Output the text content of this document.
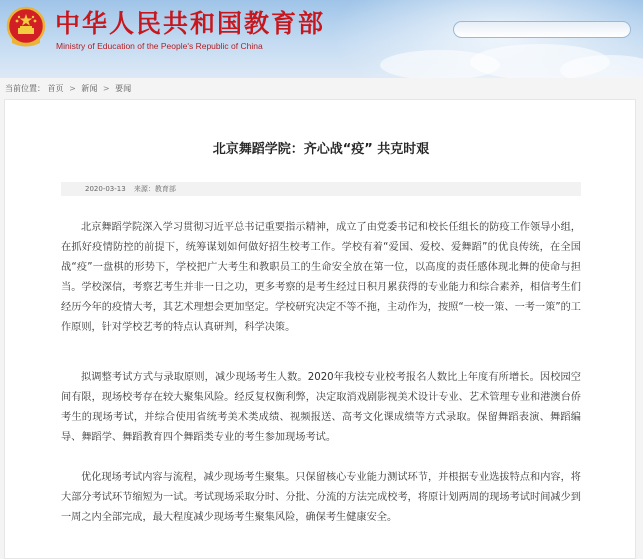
中华人民共和国教育部
Ministry of Education of the People's Republic of China
当前位置： 首页 > 新闻 > 要闻
北京舞蹈学院：齐心战“疫” 共克时艰
2020-03-13 来源：教育部

北京舞蹈学院深入学习贯彻习近平总书记重要指示精神，成立了由党委书记和校长任组长的防疫工作领导小组，在抓好疫情防控的前提下，统筹谋划如何做好招生校考工作。学校有着“爱国、爱校、爱舞蹈”的优良传统，在全国战“疫”一盘棋的形势下，学校把广大考生和教职员工的生命安全放在第一位，以高度的责任感体现北舞的使命与担当。学校深信，考察艺考生并非一日之功，更多考察的是考生经过日积月累获得的专业能力和综合素养，相信考生们经历今年的疫情大考，其艺术理想会更加坚定。学校研究决定不等不拖，主动作为，按照“一校一策、一考一策”的工作原则，针对学校艺考的特点认真研判，科学决策。

拟调整考试方式与录取原则，减少现场考生人数。2020年我校专业校考报名人数比上年度有所增长。因校园空间有限，现场校考存在较大聚集风险。经反复权衡利弊，决定取消戏剧影视美术设计专业、艺术管理专业和港澳台侨考生的现场考试，并综合使用省统考美术类成绩、视频报送、高考文化课成绩等方式录取。保留舞蹈表演、舞蹈编导、舞蹈学、舞蹈教育四个舞蹈类专业的考生参加现场考试。

优化现场考试内容与流程，减少现场考生聚集。只保留核心专业能力测试环节，并根据专业选拔特点和内容，将大部分考试环节缩短为一试。考试现场采取分时、分批、分流的方法完成校考，将原计划两周的现场考试时间减少到一周之内全部完成，最大程度减少现场考生聚集风险，确保考生健康安全。
